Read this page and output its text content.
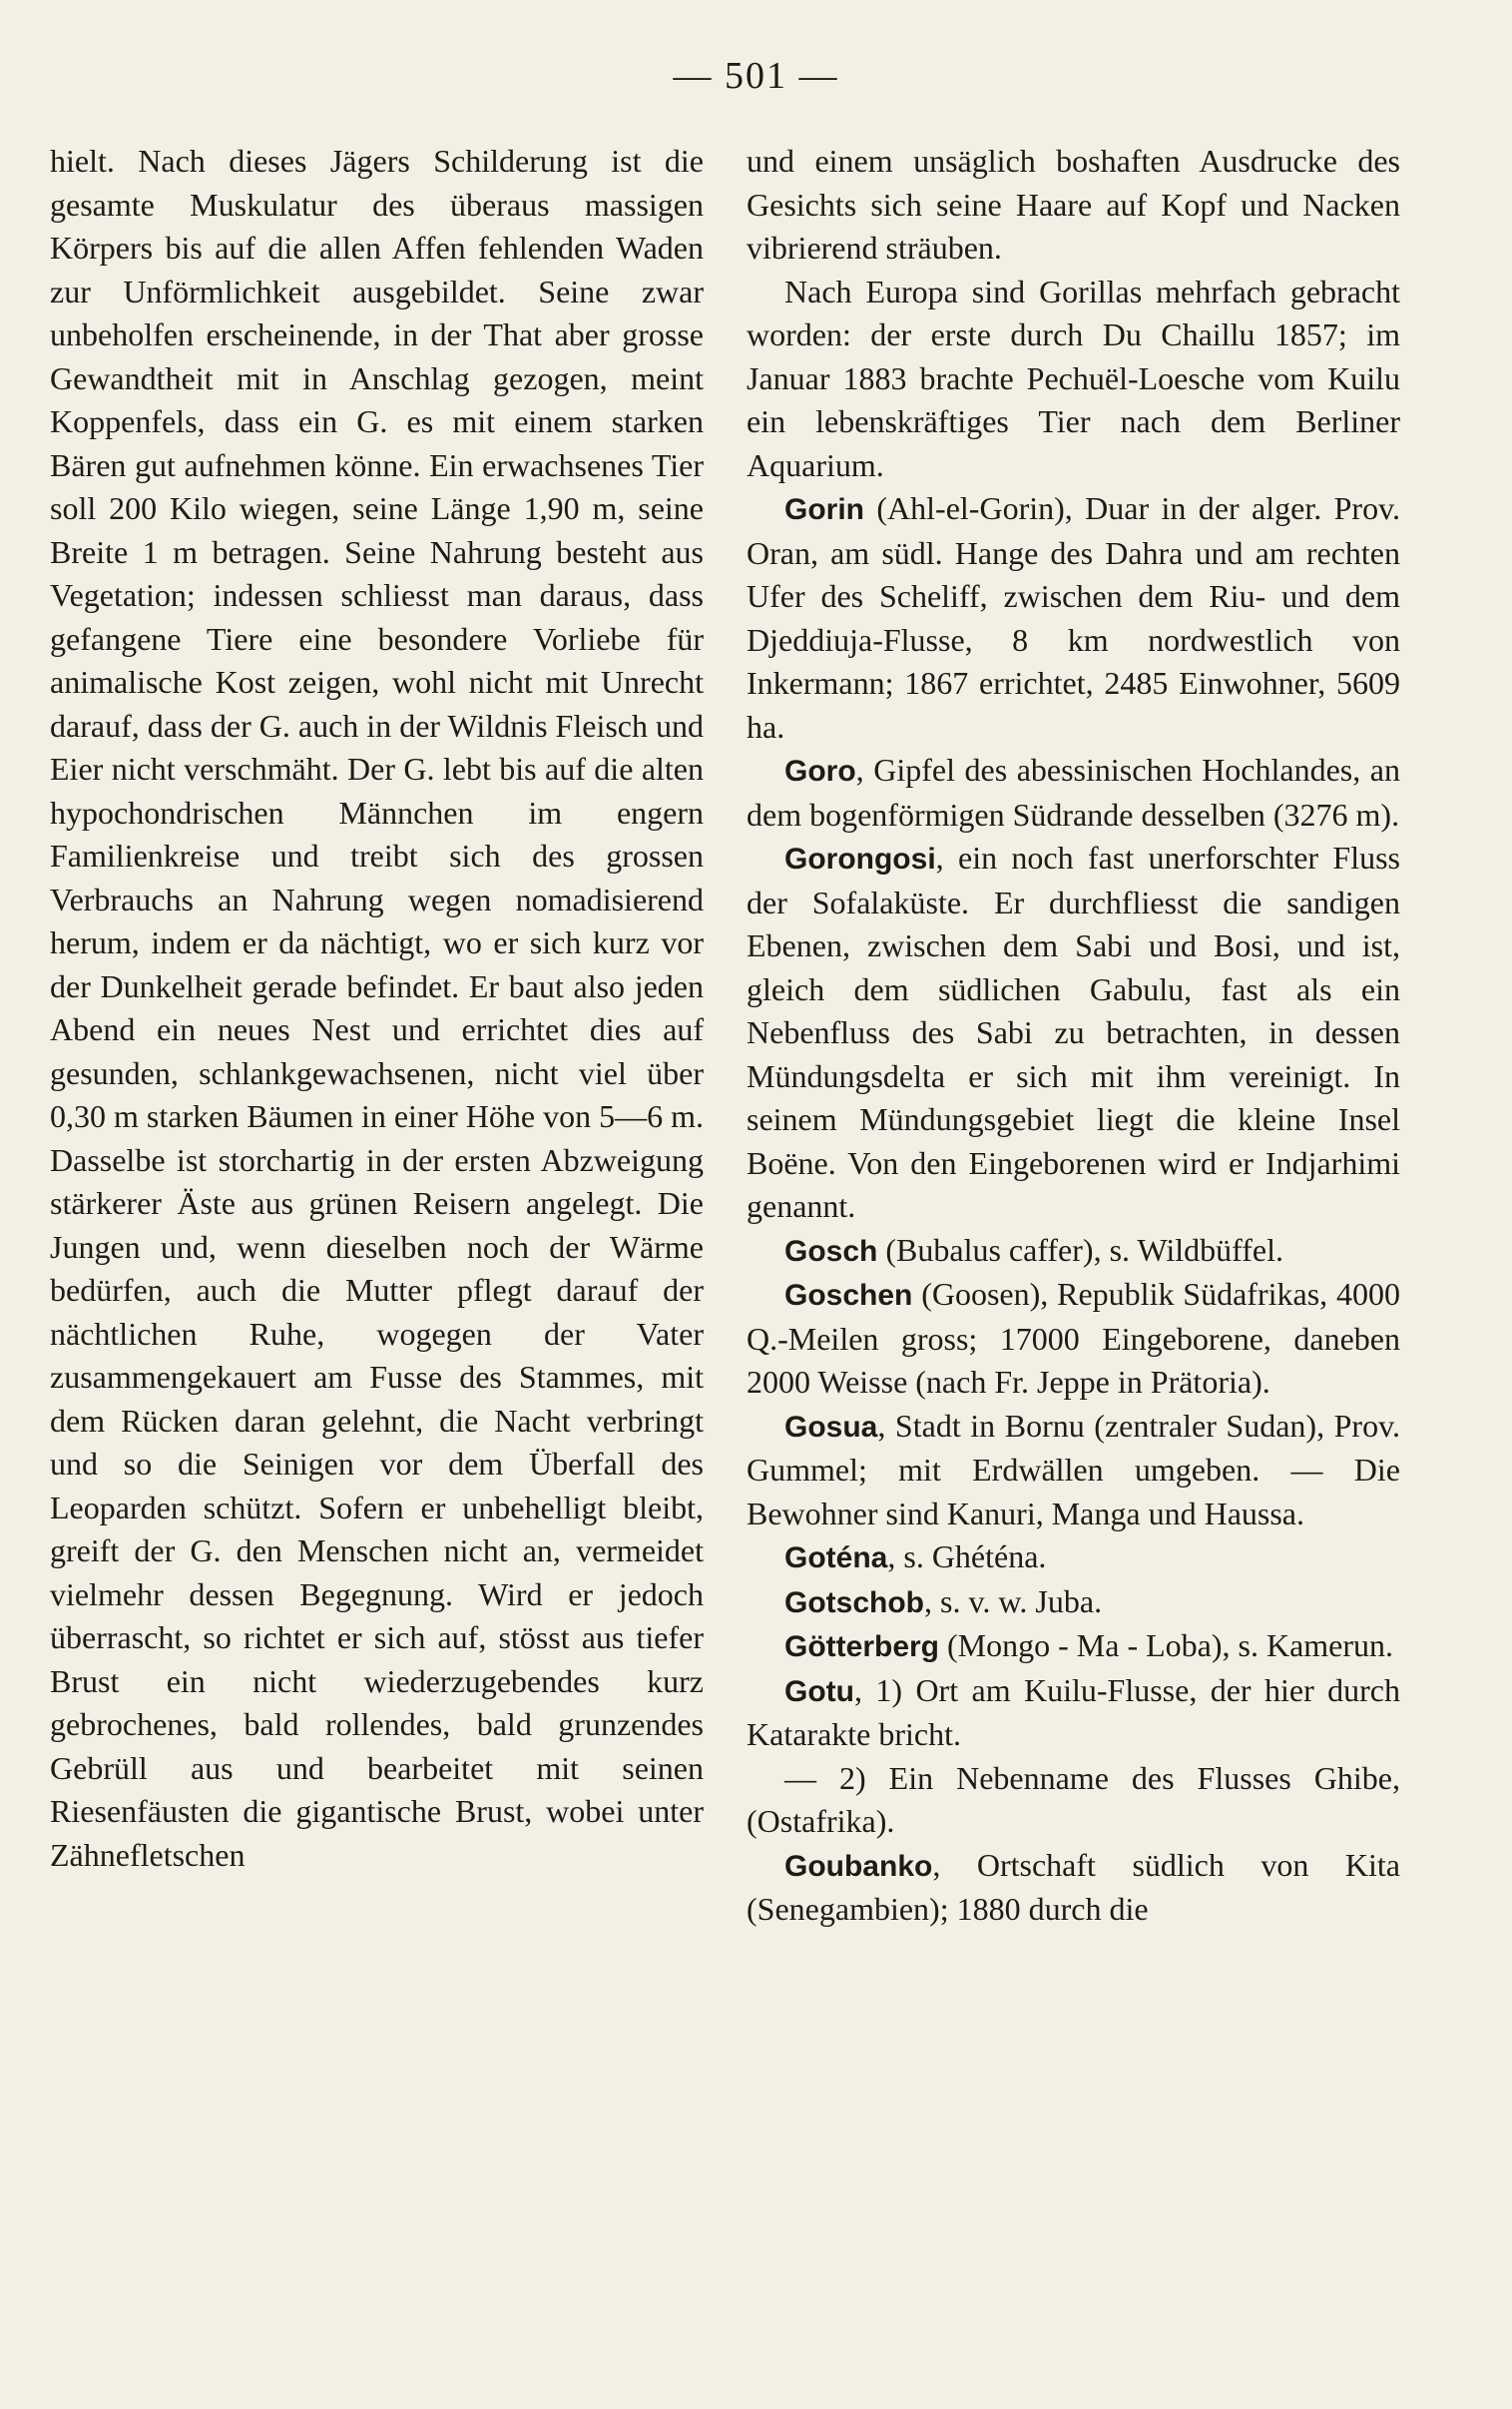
— 501 —

hielt. Nach dieses Jägers Schilderung ist die gesamte Muskulatur des überaus massigen Körpers bis auf die allen Affen fehlenden Waden zur Unförmlichkeit ausgebildet. Seine zwar unbeholfen erscheinende, in der That aber grosse Gewandtheit mit in Anschlag gezogen, meint Koppenfels, dass ein G. es mit einem starken Bären gut aufnehmen könne. Ein erwachsenes Tier soll 200 Kilo wiegen, seine Länge 1,90 m, seine Breite 1 m betragen. Seine Nahrung besteht aus Vegetation; indessen schliesst man daraus, dass gefangene Tiere eine besondere Vorliebe für animalische Kost zeigen, wohl nicht mit Unrecht darauf, dass der G. auch in der Wildnis Fleisch und Eier nicht verschmäht. Der G. lebt bis auf die alten hypochondrischen Männchen im engern Familienkreise und treibt sich des grossen Verbrauchs an Nahrung wegen nomadisierend herum, indem er da nächtigt, wo er sich kurz vor der Dunkelheit gerade befindet. Er baut also jeden Abend ein neues Nest und errichtet dies auf gesunden, schlankgewachsenen, nicht viel über 0,30 m starken Bäumen in einer Höhe von 5—6 m. Dasselbe ist storchartig in der ersten Abzweigung stärkerer Äste aus grünen Reisern angelegt. Die Jungen und, wenn dieselben noch der Wärme bedürfen, auch die Mutter pflegt darauf der nächtlichen Ruhe, wogegen der Vater zusammengekauert am Fusse des Stammes, mit dem Rücken daran gelehnt, die Nacht verbringt und so die Seinigen vor dem Überfall des Leoparden schützt. Sofern er unbehelligt bleibt, greift der G. den Menschen nicht an, vermeidet vielmehr dessen Begegnung. Wird er jedoch überrascht, so richtet er sich auf, stösst aus tiefer Brust ein nicht wiederzugebendes kurz gebrochenes, bald rollendes, bald grunzendes Gebrüll aus und bearbeitet mit seinen Riesenfäusten die gigantische Brust, wobei unter Zähnefletschen

und einem unsäglich boshaften Ausdrucke des Gesichts sich seine Haare auf Kopf und Nacken vibrierend sträuben.

Nach Europa sind Gorillas mehrfach gebracht worden: der erste durch Du Chaillu 1857; im Januar 1883 brachte Pechuël-Loesche vom Kuilu ein lebenskräftiges Tier nach dem Berliner Aquarium.

Gorin (Ahl-el-Gorin), Duar in der alger. Prov. Oran, am südl. Hange des Dahra und am rechten Ufer des Scheliff, zwischen dem Riu- und dem Djeddiuja-Flusse, 8 km nordwestlich von Inkermann; 1867 errichtet, 2485 Einwohner, 5609 ha.

Goro, Gipfel des abessinischen Hochlandes, an dem bogenförmigen Südrande desselben (3276 m).

Gorongosi, ein noch fast unerforschter Fluss der Sofalaküste. Er durchfliesst die sandigen Ebenen, zwischen dem Sabi und Bosi, und ist, gleich dem südlichen Gabulu, fast als ein Nebenfluss des Sabi zu betrachten, in dessen Mündungsdelta er sich mit ihm vereinigt. In seinem Mündungsgebiet liegt die kleine Insel Boëne. Von den Eingeborenen wird er Indjarhimi genannt.

Gosch (Bubalus caffer), s. Wildbüffel.

Goschen (Goosen), Republik Südafrikas, 4000 Q.-Meilen gross; 17000 Eingeborene, daneben 2000 Weisse (nach Fr. Jeppe in Prätoria).

Gosua, Stadt in Bornu (zentraler Sudan), Prov. Gummel; mit Erdwällen umgeben. — Die Bewohner sind Kanuri, Manga und Haussa.

Goténa, s. Ghéténa.

Gotschob, s. v. w. Juba.

Götterberg (Mongo - Ma - Loba), s. Kamerun.

Gotu, 1) Ort am Kuilu-Flusse, der hier durch Katarakte bricht.

— 2) Ein Nebenname des Flusses Ghibe, (Ostafrika).

Goubanko, Ortschaft südlich von Kita (Senegambien); 1880 durch die
